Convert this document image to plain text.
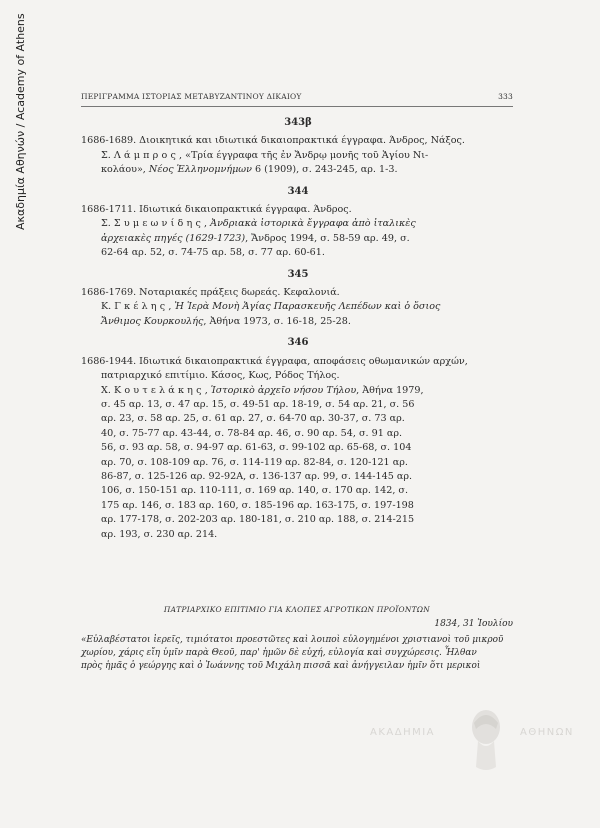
Ακαδημία Αθηνών / Academy of Athens	ΠΕΡΙΓΡΑΜΜΑ ΙΣΤΟΡΙΑΣ ΜΕΤΑΒΥΖΑΝΤΙΝΟΥ ΔΙΚΑΙΟΥ	333
343β

1686-1689. Διοικητικά και ιδιωτικά δικαιοπρακτικά έγγραφα. Άνδρος, Νάξος.

Σ. Λάμπρος, «Τρία έγγραφα τῆς ἐν Ἄνδρῳ μονῆς τοῦ Ἁγίου Νι-
κολάου», Νέος Ἑλληνομνήμων 6 (1909), σ. 243-245, αρ. 1-3.

344

1686-1711. Ιδιωτικά δικαιοπρακτικά έγγραφα. Άνδρος.

Σ. Συμεωνίδης, Ἀνδριακὰ ἱστορικὰ ἔγγραφα ἀπὸ ἰταλικὲς
ἀρχειακὲς πηγές (1629-1723), Ἄνδρος 1994, σ. 58-59 αρ. 49, σ.
62-64 αρ. 52, σ. 74-75 αρ. 58, σ. 77 αρ. 60-61.

345

1686-1769. Νοταριακές πράξεις δωρεάς. Κεφαλονιά.

Κ. Γκέλης, Ἡ Ἱερὰ Μονὴ Ἁγίας Παρασκευῆς Λεπέδων καὶ ὁ ὅσιος
Ἄνθιμος Κουρκουλής, Ἀθήνα 1973, σ. 16-18, 25-28.

346

1686-1944. Ιδιωτικά δικαιοπρακτικά έγγραφα, αποφάσεις οθωμανικών αρχών,
πατριαρχικό επιτίμιο. Κάσος, Κως, Ρόδος Τήλος.

Χ. Κουτελάκης, Ἱστορικὸ ἀρχεῖο νήσου Τήλου, Ἀθήνα 1979,
σ. 45 αρ. 13, σ. 47 αρ. 15, σ. 49-51 αρ. 18-19, σ. 54 αρ. 21, σ. 56
αρ. 23, σ. 58 αρ. 25, σ. 61 αρ. 27, σ. 64-70 αρ. 30-37, σ. 73 αρ.
40, σ. 75-77 αρ. 43-44, σ. 78-84 αρ. 46, σ. 90 αρ. 54, σ. 91 αρ.
56, σ. 93 αρ. 58, σ. 94-97 αρ. 61-63, σ. 99-102 αρ. 65-68, σ. 104
αρ. 70, σ. 108-109 αρ. 76, σ. 114-119 αρ. 82-84, σ. 120-121 αρ.
86-87, σ. 125-126 αρ. 92-92Α, σ. 136-137 αρ. 99, σ. 144-145 αρ.
106, σ. 150-151 αρ. 110-111, σ. 169 αρ. 140, σ. 170 αρ. 142, σ.
175 αρ. 146, σ. 183 αρ. 160, σ. 185-196 αρ. 163-175, σ. 197-198
αρ. 177-178, σ. 202-203 αρ. 180-181, σ. 210 αρ. 188, σ. 214-215
αρ. 193, σ. 230 αρ. 214.

ΠΑΤΡΙΑΡΧΙΚΟ ΕΠΙΤΙΜΙΟ ΓΙΑ ΚΛΟΠΕΣ ΑΓΡΟΤΙΚΩΝ ΠΡΟΪΟΝΤΩΝ
1834, 31 Ἰουλίου
«Εὐλαβέστατοι ἱερεῖς, τιμιότατοι προεστῶτες καὶ λοιποὶ εὐλογημένοι χριστιανοὶ τοῦ μικροῦ
χωρίου, χάρις εἴη ὑμῖν παρὰ Θεοῦ, παρ' ἡμῶν δὲ εὐχή, εὐλογία καὶ συγχώρεσις. Ἦλθαν
πρὸς ἡμᾶς ὁ γεώργης καὶ ὁ Ἰωάννης τοῦ Μιχάλη πισσᾶ καὶ ἀνήγγειλαν ἡμῖν ὅτι μερικοὶ
ΑΚΑΔΗΜΙΑ	ΑΘΗΝΩΝ
